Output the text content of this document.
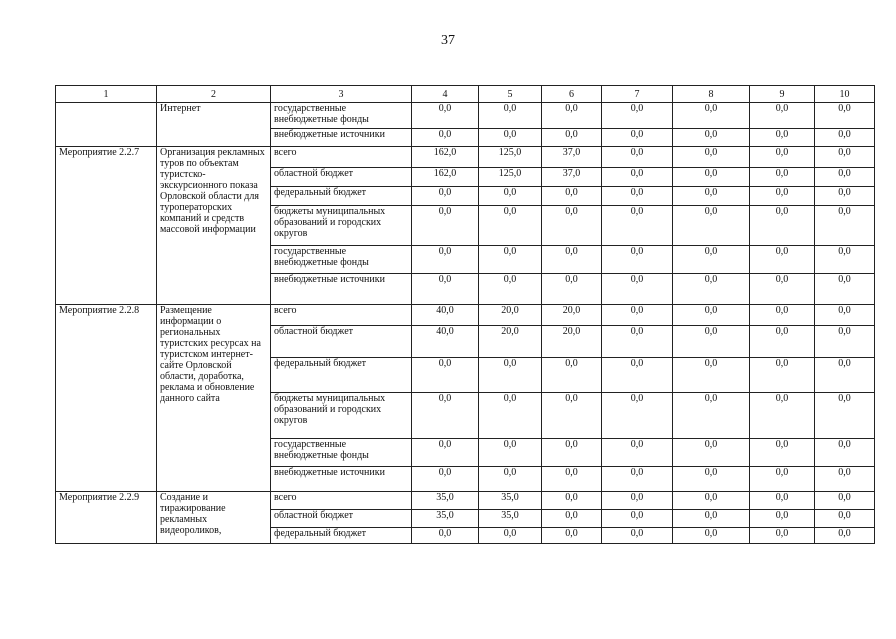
37
1	2	3	4	5	6	7	8	9	10
	Интернет	государственные внебюджетные фонды	0,0	0,0	0,0	0,0	0,0	0,0	0,0
		внебюджетные источники	0,0	0,0	0,0	0,0	0,0	0,0	0,0
Мероприятие 2.2.7	Организация рекламных туров по объектам туристско-экскурсионного показа Орловской области для туроператорских компаний и средств массовой информации	всего	162,0	125,0	37,0	0,0	0,0	0,0	0,0
		областной бюджет	162,0	125,0	37,0	0,0	0,0	0,0	0,0
		федеральный бюджет	0,0	0,0	0,0	0,0	0,0	0,0	0,0
		бюджеты муниципальных образований и городских округов	0,0	0,0	0,0	0,0	0,0	0,0	0,0
		государственные внебюджетные фонды	0,0	0,0	0,0	0,0	0,0	0,0	0,0
		внебюджетные источники	0,0	0,0	0,0	0,0	0,0	0,0	0,0
Мероприятие 2.2.8	Размещение информации о региональных туристских ресурсах на туристском интернет-сайте Орловской области, доработка, реклама и обновление данного сайта	всего	40,0	20,0	20,0	0,0	0,0	0,0	0,0
		областной бюджет	40,0	20,0	20,0	0,0	0,0	0,0	0,0
		федеральный бюджет	0,0	0,0	0,0	0,0	0,0	0,0	0,0
		бюджеты муниципальных образований и городских округов	0,0	0,0	0,0	0,0	0,0	0,0	0,0
		государственные внебюджетные фонды	0,0	0,0	0,0	0,0	0,0	0,0	0,0
		внебюджетные источники	0,0	0,0	0,0	0,0	0,0	0,0	0,0
Мероприятие 2.2.9	Создание и тиражирование рекламных видеороликов,	всего	35,0	35,0	0,0	0,0	0,0	0,0	0,0
		областной бюджет	35,0	35,0	0,0	0,0	0,0	0,0	0,0
		федеральный бюджет	0,0	0,0	0,0	0,0	0,0	0,0	0,0
